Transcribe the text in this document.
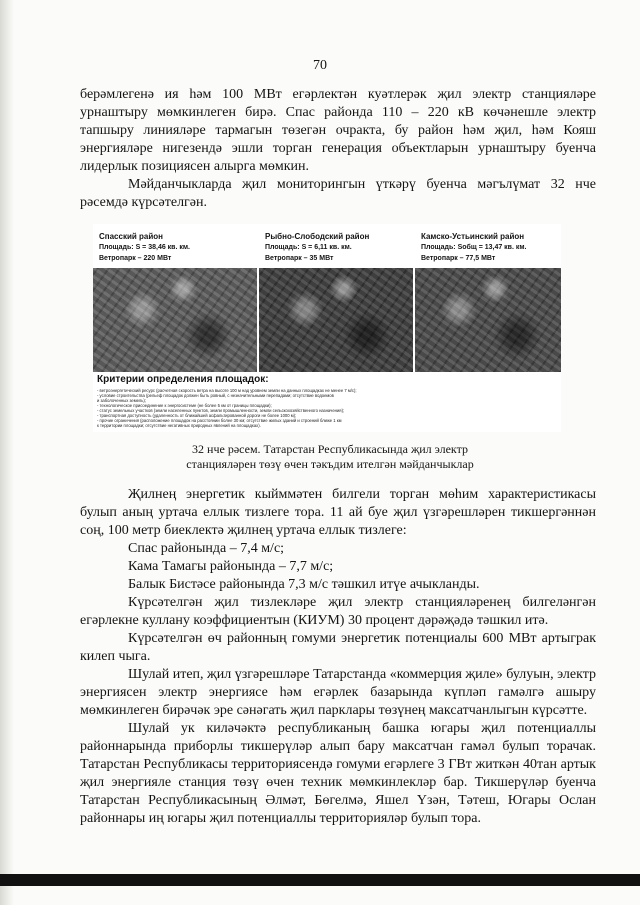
70

берәмлегенә ия һәм 100 МВт егәрлектән куәтлерәк җил электр станцияләре урнаштыру мөмкинлеген бирә. Спас районда 110 – 220 кВ көчәнешле электр тапшыру линияләре тармагын төзегән очракта, бу район һәм җил, һәм Кояш энергияләре нигезендә эшли торган генерация объектларын урнаштыру буенча лидерлык позициясен алырга мөмкин.

Мәйданчыкларда җил мониторингын үткәрү буенча мәгълүмат 32 нче рәсемдә күрсәтелгән.

Спасский район
Площадь: S = 38,46 кв. км.
Ветропарк – 220 МВт
Рыбно-Слободский район
Площадь: S = 6,11 кв. км.
Ветропарк – 35 МВт
Камско-Устьинский район
Площадь: Sобщ = 13,47 кв. км.
Ветропарк – 77,5 МВт
Критерии определения площадок:
- ветроэнергетический ресурс (расчетная скорость ветра на высоте 100 м над уровнем земли на данных площадках не менее 7 м/с);
- условие строительства (рельеф площадок должен быть ровный, с незначительными перепадами; отсутствие водоемов
и заболоченных земель);
- технологическое присоединение к энергосистеме (не более 5 км от границы площадки);
- статус земельных участков (земли населенных пунктов, земли промышленности, земли сельскохозяйственного назначения);
- транспортная доступность (удаленность от ближайшей асфальтированной дороги не более 1000 м);
- прочие ограничения (расположение площадок на расстоянии более 30 км; отсутствие жилых зданий и строений ближе 1 км
к территории площадки; отсутствие негативных природных явлений на площадках).
32 нче рәсем. Татарстан Республикасында җил электр
станцияләрен төзү өчен тәкъдим ителгән мәйданчыклар

Җилнең энергетик кыйммәтен билгели торган мөһим характеристикасы булып аның уртача еллык тизлеге тора. 11 ай буе җил үзгәрешләрен тикшергәннән соң, 100 метр биеклектә җилнең уртача еллык тизлеге:

Спас районында – 7,4 м/с;

Кама Тамагы районында – 7,7 м/с;

Балык Бистәсе районында 7,3 м/с тәшкил итүе ачыкланды.

Күрсәтелгән җил тизлекләре җил электр станцияләренең билгеләнгән егәрлекне куллану коэффициентын (КИУМ) 30 процент дәрәҗәдә тәшкил итә.

Күрсәтелгән өч районның гомуми энергетик потенциалы 600 МВт артыграк килеп чыга.

Шулай итеп, җил үзгәрешләре Татарстанда «коммерция җиле» булуын, электр энергиясен электр энергиясе һәм егәрлек базарында күпләп гамәлгә ашыру мөмкинлеген бирәчәк эре сәнәгать җил парклары төзүнең максатчанлыгын күрсәтте.

Шулай ук киләчәктә республиканың башка югары җил потенциаллы районнарында приборлы тикшерүләр алып бару максатчан гамәл булып торачак. Татарстан Республикасы территориясендә гомуми егәрлеге 3 ГВт житкән 40тан артык җил энергияле станция төзү өчен техник мөмкинлекләр бар. Тикшерүләр буенча Татарстан Республикасының Әлмәт, Бөгелмә, Яшел Үзән, Тәтеш, Югары Ослан районнары иң югары җил потенциаллы территорияләр булып тора.
